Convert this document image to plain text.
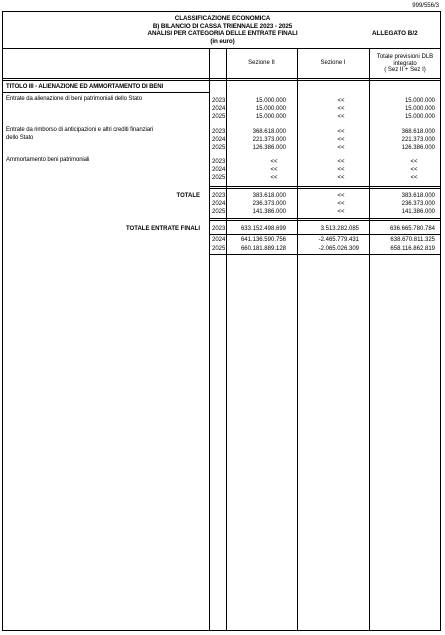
999/556/3
CLASSIFICAZIONE ECONOMICA
B) BILANCIO DI CASSA TRIENNALE 2023 - 2025
ANALISI PER CATEGORIA DELLE ENTRATE FINALI
(in euro)
ALLEGATO B/2
Sezione II	Sezione I
Totale previsioni DLB
integrato
( Sez II + Sez I)
TITOLO III - ALIENAZIONE ED AMMORTAMENTO DI BENI
Entrate da alienazione di beni patrimoniali dello Stato	2023	15.000.000	<<	15.000.000
2024	15.000.000	<<	15.000.000
2025	15.000.000	<<	15.000.000
Entrate da rimborso di anticipazioni e altri crediti finanziari
dello Stato
2023	368.618.000	<<	368.618.000
2024	221.373.000	<<	221.373.000
2025	126.386.000	<<	126.386.000
Ammortamento beni patrimoniali	2023	<<	<<	<<
2024	<<	<<	<<
2025	<<	<<	<<
TOTALE 2023	383.618.000	<<	383.618.000
2024	236.373.000	<<	236.373.000
2025	141.386.000	<<	141.386.000
TOTALE ENTRATE FINALI 2023	633.152.498.699	3.513.282.085	636.665.780.784
2024	641.136.590.756	-2.465.779.431	638.670.811.325
2025	660.181.889.128	-2.065.026.309	658.116.862.819
